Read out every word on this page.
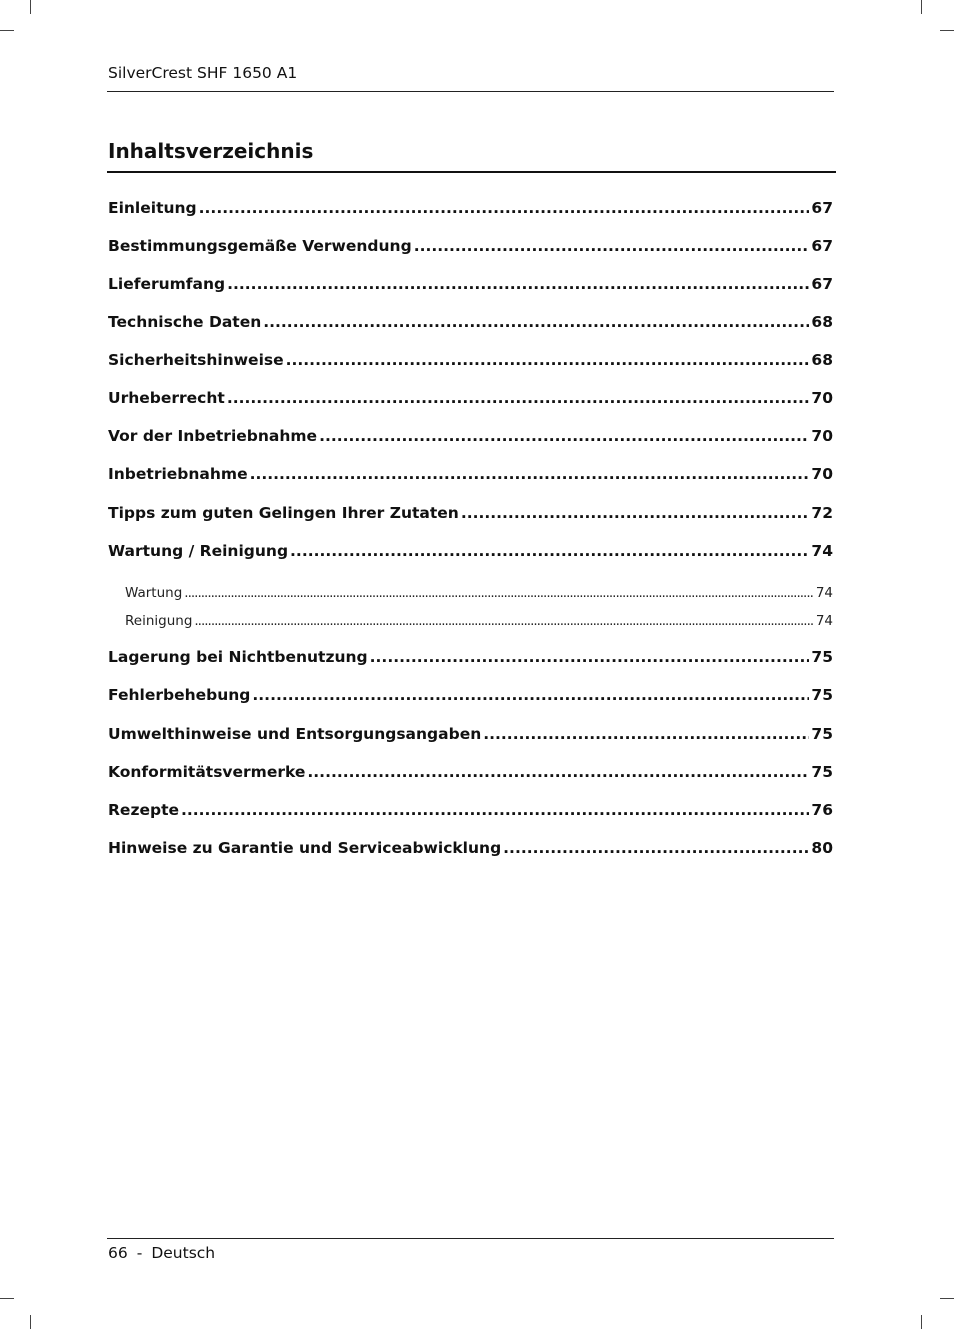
SilverCrest SHF 1650 A1
Inhaltsverzeichnis
Einleitung .....	67
Bestimmungsgemäße Verwendung .....	67
Lieferumfang .....	67
Technische Daten .....	68
Sicherheitshinweise .....	68
Urheberrecht .....	70
Vor der Inbetriebnahme .....	70
Inbetriebnahme .....	70
Tipps zum guten Gelingen Ihrer Zutaten .....	72
Wartung / Reinigung .....	74
Wartung .....	74
Reinigung .....	74
Lagerung bei Nichtbenutzung .....	75
Fehlerbehebung .....	75
Umwelthinweise und Entsorgungsangaben .....	75
Konformitätsvermerke .....	75
Rezepte .....	76
Hinweise zu Garantie und Serviceabwicklung .....	80
66 - Deutsch
